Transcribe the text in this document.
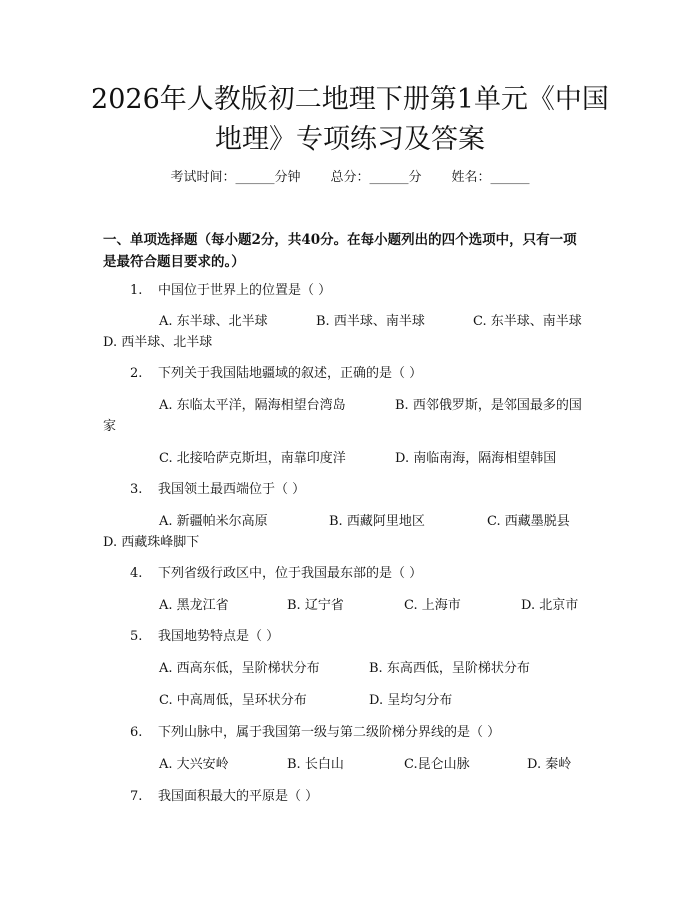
2026年人教版初二地理下册第1单元《中国
地理》专项练习及答案
考试时间：______分钟 总分：______分 姓名：______

一、单项选择题（每小题2分，共40分。在每小题列出的四个选项中，只有一项
是最符合题目要求的。）

1. 中国位于世界上的位置是（ ）
A. 东半球、北半球	B. 西半球、南半球	C. 东半球、南半球
D. 西半球、北半球
2. 下列关于我国陆地疆域的叙述，正确的是（ ）
A. 东临太平洋，隔海相望台湾岛	B. 西邻俄罗斯，是邻国最多的国
家
C. 北接哈萨克斯坦，南靠印度洋	D. 南临南海，隔海相望韩国
3. 我国领土最西端位于（ ）
A. 新疆帕米尔高原	B. 西藏阿里地区	C. 西藏墨脱县
D. 西藏珠峰脚下
4. 下列省级行政区中，位于我国最东部的是（ ）
A. 黑龙江省	B. 辽宁省	C. 上海市	D. 北京市
5. 我国地势特点是（ ）
A. 西高东低，呈阶梯状分布	B. 东高西低，呈阶梯状分布
C. 中高周低，呈环状分布	D. 呈均匀分布
6. 下列山脉中，属于我国第一级与第二级阶梯分界线的是（ ）
A. 大兴安岭	B. 长白山	C.昆仑山脉	D. 秦岭
7. 我国面积最大的平原是（ ）
